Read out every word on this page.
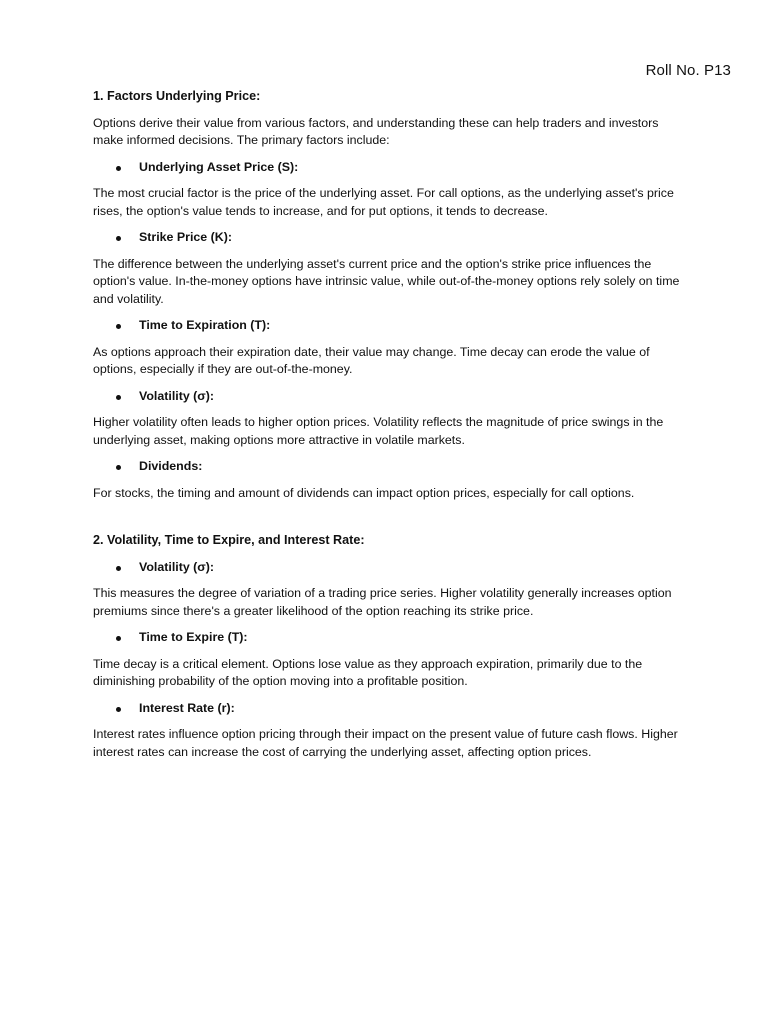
Roll No. P13
1. Factors Underlying Price:

Options derive their value from various factors, and understanding these can help traders and investors make informed decisions. The primary factors include:

Underlying Asset Price (S):

The most crucial factor is the price of the underlying asset. For call options, as the underlying asset's price rises, the option's value tends to increase, and for put options, it tends to decrease.

Strike Price (K):

The difference between the underlying asset's current price and the option's strike price influences the option's value. In-the-money options have intrinsic value, while out-of-the-money options rely solely on time and volatility.

Time to Expiration (T):

As options approach their expiration date, their value may change. Time decay can erode the value of options, especially if they are out-of-the-money.

Volatility (σ):

Higher volatility often leads to higher option prices. Volatility reflects the magnitude of price swings in the underlying asset, making options more attractive in volatile markets.

Dividends:

For stocks, the timing and amount of dividends can impact option prices, especially for call options.

2. Volatility, Time to Expire, and Interest Rate:
Volatility (σ):

This measures the degree of variation of a trading price series. Higher volatility generally increases option premiums since there's a greater likelihood of the option reaching its strike price.

Time to Expire (T):

Time decay is a critical element. Options lose value as they approach expiration, primarily due to the diminishing probability of the option moving into a profitable position.

Interest Rate (r):

Interest rates influence option pricing through their impact on the present value of future cash flows. Higher interest rates can increase the cost of carrying the underlying asset, affecting option prices.
